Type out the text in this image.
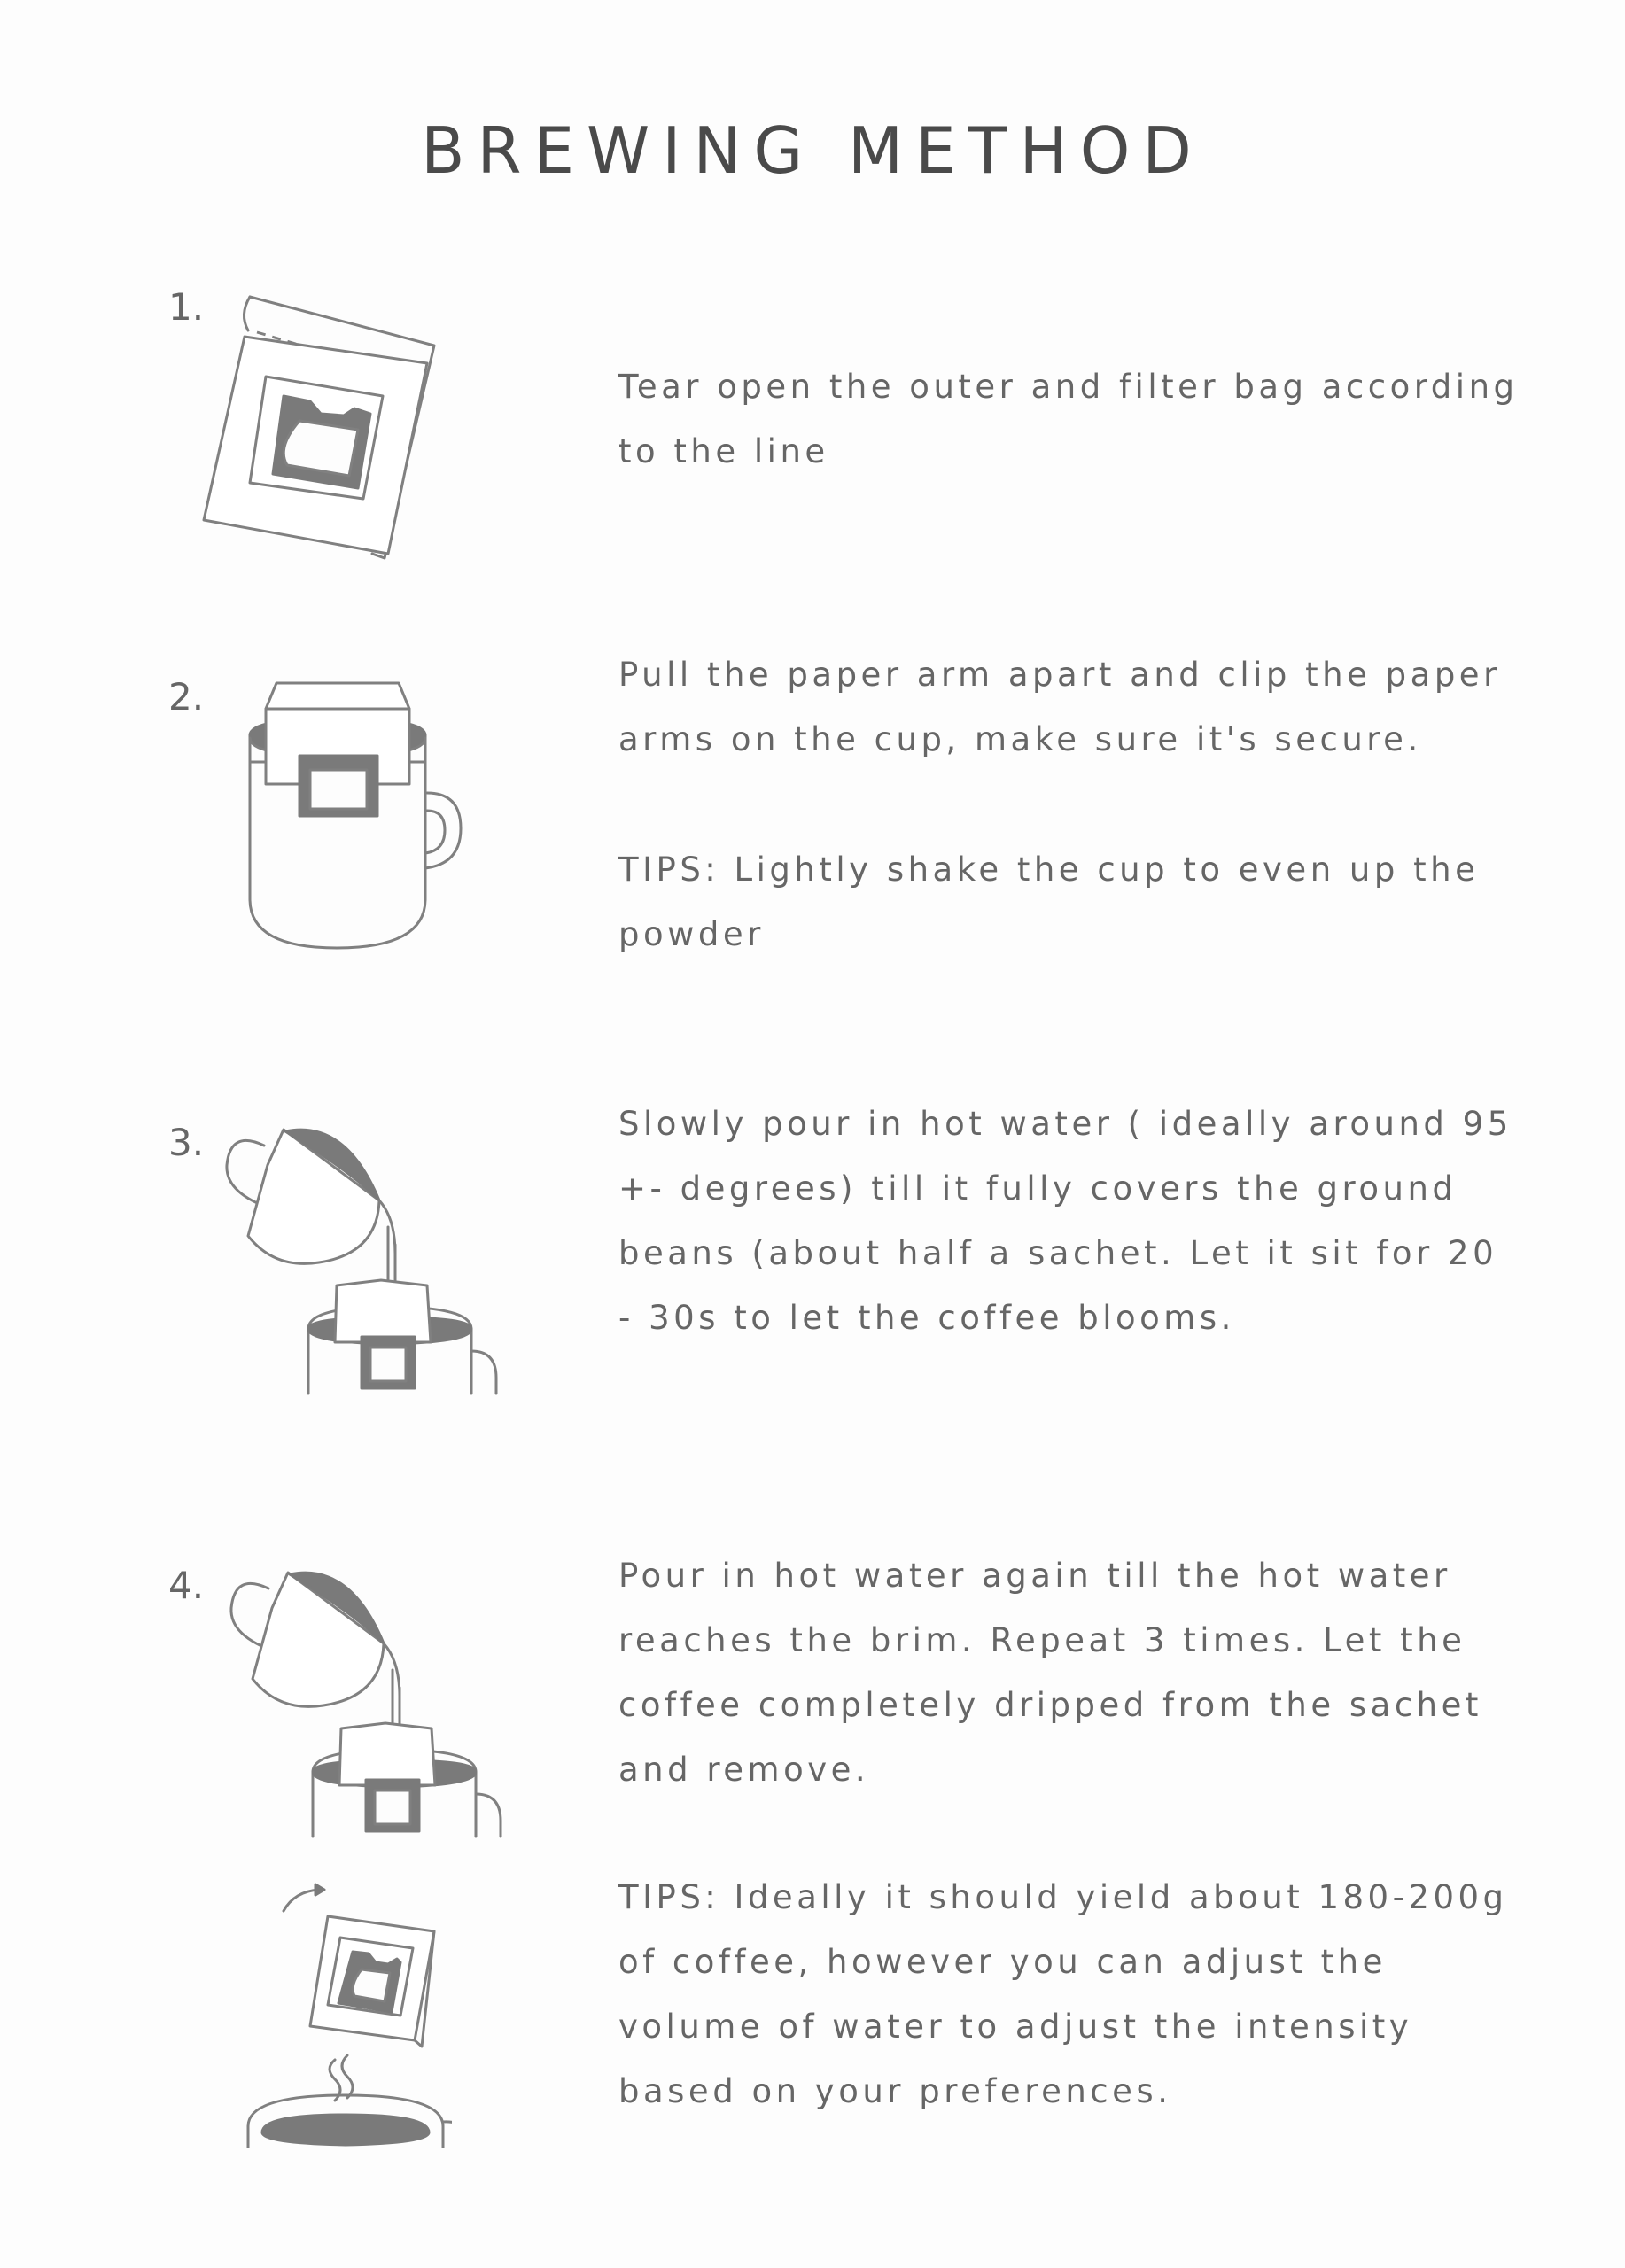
BREWING METHOD
1.

Tear open the outer and filter bag according to the line

2.

Pull the paper arm apart and clip the paper arms on the cup, make sure it's secure.

TIPS: Lightly shake the cup to even up the powder

3.	Slowly pour in hot water ( ideally around 95 +- degrees) till it fully covers the ground beans (about half a sachet. Let it sit for 20 - 30s to let the coffee blooms.

4.	Pour in hot water again till the hot water reaches the brim. Repeat 3 times. Let the coffee completely dripped from the sachet and remove.

TIPS: Ideally it should yield about 180-200g of coffee, however you can adjust the volume of water to adjust the intensity based on your preferences.
